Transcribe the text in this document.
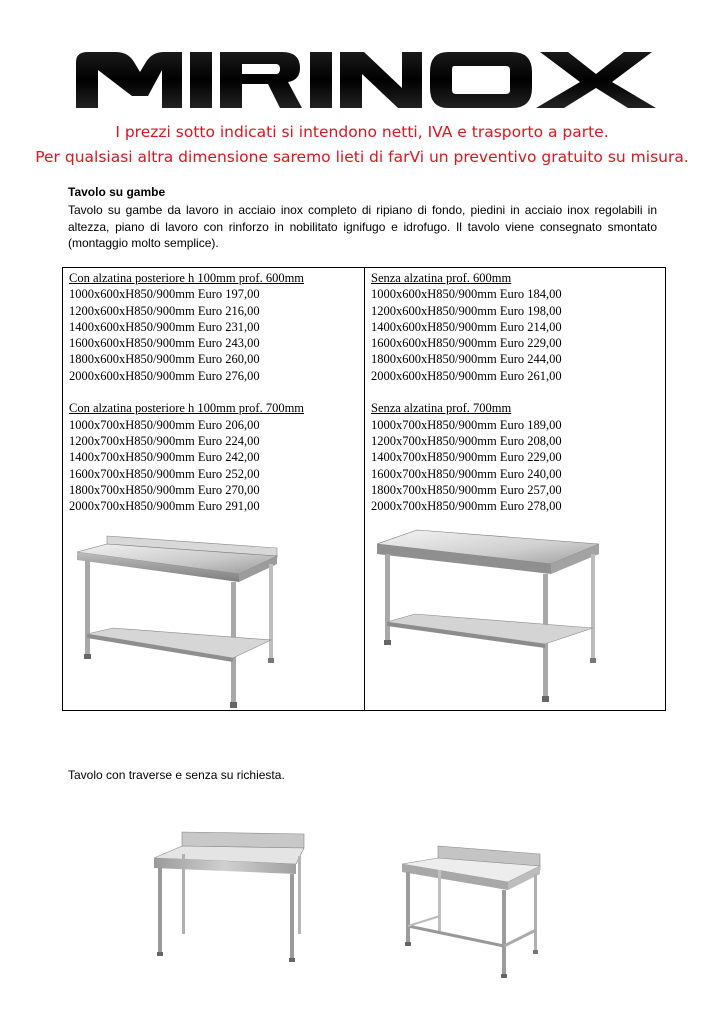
I prezzi sotto indicati si intendono netti, IVA e trasporto a parte.
Per qualsiasi altra dimensione saremo lieti di farVi un preventivo gratuito su misura.
Tavolo su gambe

Tavolo su gambe da lavoro in acciaio inox completo di ripiano di fondo, piedini in acciaio inox regolabili in altezza, piano di lavoro con rinforzo in nobilitato ignifugo e idrofugo. Il tavolo viene consegnato smontato (montaggio molto semplice).

Con alzatina posteriore h 100mm prof. 600mm
1000x600xH850/900mm Euro 197,00
1200x600xH850/900mm Euro 216,00
1400x600xH850/900mm Euro 231,00
1600x600xH850/900mm Euro 243,00
1800x600xH850/900mm Euro 260,00
2000x600xH850/900mm Euro 276,00
Con alzatina posteriore h 100mm prof. 700mm
1000x700xH850/900mm Euro 206,00
1200x700xH850/900mm Euro 224,00
1400x700xH850/900mm Euro 242,00
1600x700xH850/900mm Euro 252,00
1800x700xH850/900mm Euro 270,00
2000x700xH850/900mm Euro 291,00
Senza alzatina prof. 600mm
1000x600xH850/900mm Euro 184,00
1200x600xH850/900mm Euro 198,00
1400x600xH850/900mm Euro 214,00
1600x600xH850/900mm Euro 229,00
1800x600xH850/900mm Euro 244,00
2000x600xH850/900mm Euro 261,00
Senza alzatina prof. 700mm
1000x700xH850/900mm Euro 189,00
1200x700xH850/900mm Euro 208,00
1400x700xH850/900mm Euro 229,00
1600x700xH850/900mm Euro 240,00
1800x700xH850/900mm Euro 257,00
2000x700xH850/900mm Euro 278,00
Tavolo con traverse e senza su richiesta.
